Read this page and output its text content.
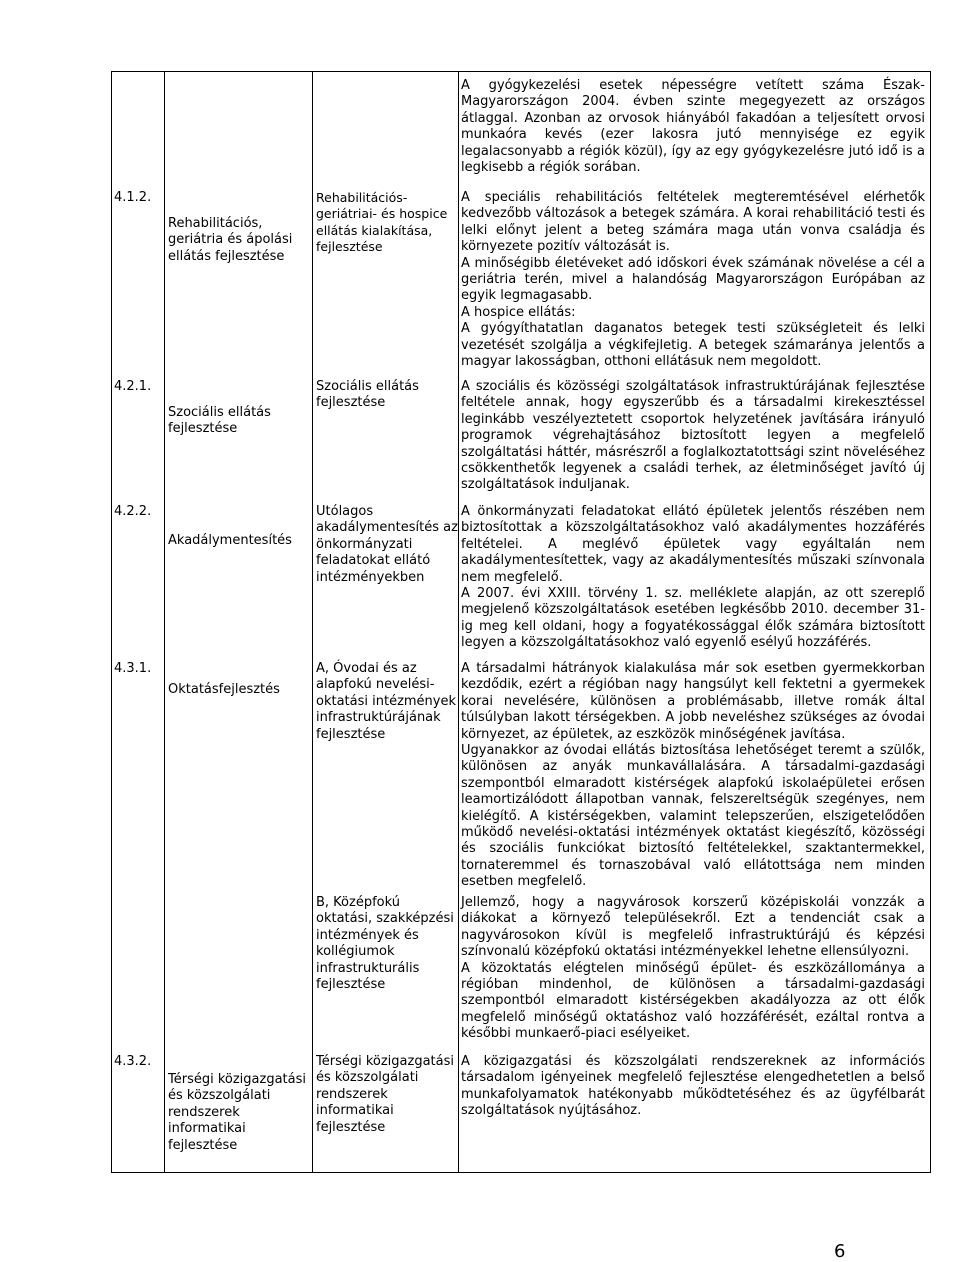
A gyógykezelési esetek népességre vetített száma Észak-Magyarországon 2004. évben szinte megegyezett az országos átlaggal. Azonban az orvosok hiányából fakadóan a teljesített orvosi munkaóra kevés (ezer lakosra jutó mennyisége ez egyik legalacsonyabb a régiók közül), így az egy gyógykezelésre jutó idő is a legkisebb a régiók sorában.

4.1.2.
Rehabilitációs, geriátria és ápolási ellátás fejlesztése
Rehabilitációs-geriátriai- és hospice ellátás kialakítása, fejlesztése

A speciális rehabilitációs feltételek megteremtésével elérhetők kedvezőbb változások a betegek számára. A korai rehabilitáció testi és lelki előnyt jelent a beteg számára maga után vonva családja és környezete pozitív változását is.

A minőségibb életéveket adó időskori évek számának növelése a cél a geriátria terén, mivel a halandóság Magyarországon Európában az egyik legmagasabb.

A hospice ellátás:

A gyógyíthatatlan daganatos betegek testi szükségleteit és lelki vezetését szolgálja a végkifejletig. A betegek számaránya jelentős a magyar lakosságban, otthoni ellátásuk nem megoldott.

4.2.1.
Szociális ellátás fejlesztése
Szociális ellátás fejlesztése

A szociális és közösségi szolgáltatások infrastruktúrájának fejlesztése feltétele annak, hogy egyszerűbb és a társadalmi kirekesztéssel leginkább veszélyeztetett csoportok helyzetének javítására irányuló programok végrehajtásához biztosított legyen a megfelelő szolgáltatási háttér, másrészről a foglalkoztatottsági szint növeléséhez csökkenthetők legyenek a családi terhek, az életminőséget javító új szolgáltatások induljanak.

4.2.2.
Akadálymentesítés
Utólagos akadálymentesítés az önkormányzati feladatokat ellátó intézményekben

A önkormányzati feladatokat ellátó épületek jelentős részében nem biztosítottak a közszolgáltatásokhoz való akadálymentes hozzáférés feltételei. A meglévő épületek vagy egyáltalán nem akadálymentesítettek, vagy az akadálymentesítés műszaki színvonala nem megfelelő.

A 2007. évi XXIII. törvény 1. sz. melléklete alapján, az ott szereplő megjelenő közszolgáltatások esetében legkésőbb 2010. december 31-ig meg kell oldani, hogy a fogyatékossággal élők számára biztosított legyen a közszolgáltatásokhoz való egyenlő esélyű hozzáférés.

4.3.1.
Oktatásfejlesztés
A, Óvodai és az alapfokú nevelési-oktatási intézmények infrastruktúrájának fejlesztése

A társadalmi hátrányok kialakulása már sok esetben gyermekkorban kezdődik, ezért a régióban nagy hangsúlyt kell fektetni a gyermekek korai nevelésére, különösen a problémásabb, illetve romák által túlsúlyban lakott térségekben. A jobb neveléshez szükséges az óvodai környezet, az épületek, az eszközök minőségének javítása.

Ugyanakkor az óvodai ellátás biztosítása lehetőséget teremt a szülők, különösen az anyák munkavállalására. A társadalmi-gazdasági szempontból elmaradott kistérségek alapfokú iskolaépületei erősen leamortizálódott állapotban vannak, felszereltségük szegényes, nem kielégítő. A kistérségekben, valamint telepszerűen, elszigetelődően működő nevelési-oktatási intézmények oktatást kiegészítő, közösségi és szociális funkciókat biztosító feltételekkel, szaktantermekkel, tornateremmel és tornaszobával való ellátottsága nem minden esetben megfelelő.

B, Középfokú oktatási, szakképzési intézmények és kollégiumok infrastrukturális fejlesztése

Jellemző, hogy a nagyvárosok korszerű középiskolái vonzzák a diákokat a környező településekről. Ezt a tendenciát csak a nagyvárosokon kívül is megfelelő infrastruktúrájú és képzési színvonalú középfokú oktatási intézményekkel lehetne ellensúlyozni.

A közoktatás elégtelen minőségű épület- és eszközállománya a régióban mindenhol, de különösen a társadalmi-gazdasági szempontból elmaradott kistérségekben akadályozza az ott élők megfelelő minőségű oktatáshoz való hozzáférését, ezáltal rontva a későbbi munkaerő-piaci esélyeiket.

4.3.2.
Térségi közigazgatási és közszolgálati rendszerek informatikai fejlesztése
Térségi közigazgatási és közszolgálati rendszerek informatikai fejlesztése

A közigazgatási és közszolgálati rendszereknek az információs társadalom igényeinek megfelelő fejlesztése elengedhetetlen a belső munkafolyamatok hatékonyabb működtetéséhez és az ügyfélbarát szolgáltatások nyújtásához.

6
